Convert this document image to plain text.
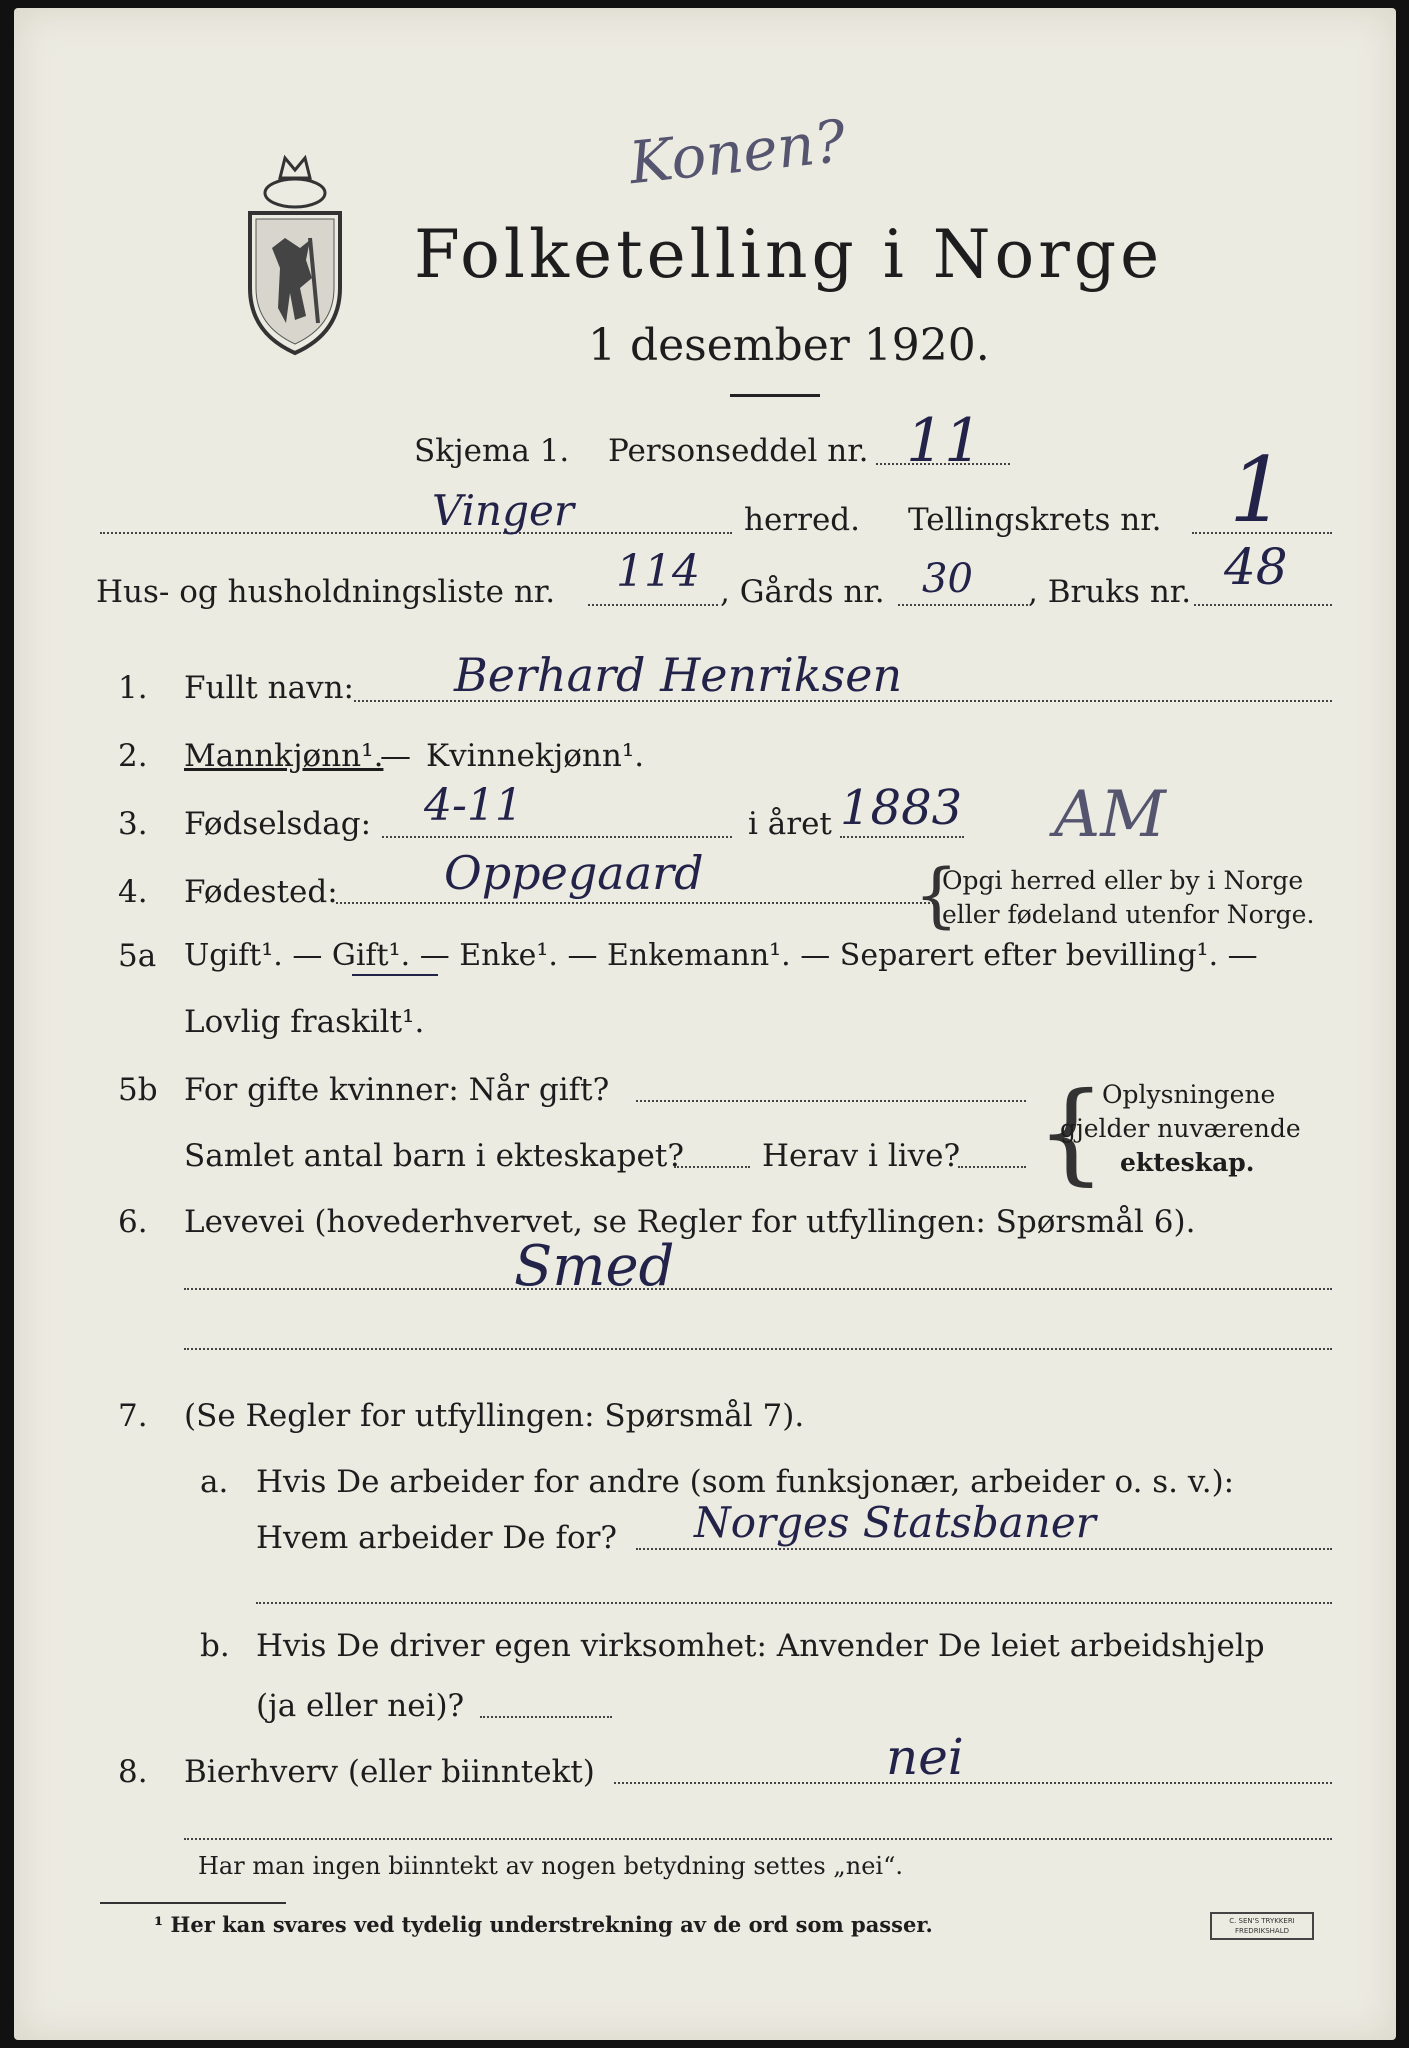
Folketelling i Norge
1 desember 1920.
Konen?
Skjema 1. Personseddel nr. 11
Vinger	herred. Tellingskrets nr. 1
Hus- og husholdningsliste nr. 114 , Gårds nr. 30 , Bruks nr. 48
1. Fullt navn: Berhard Henriksen
2. Mannkjønn¹.
— Kvinnekjønn¹.
3. Fødselsdag: 4-11	i året 1883 AM
4. Fødested: Oppegaard	{
Opgi herred eller by i Norge
eller fødeland utenfor Norge.
5a Ugift¹. — Gift¹. — Enke¹. — Enkemann¹. — Separert efter bevilling¹. —
Lovlig fraskilt¹.
5b For gifte kvinner: Når gift?
Samlet antal barn i ekteskapet?	Herav i live? {
Oplysningene
gjelder nuværende
ekteskap.
6. Levevei (hovederhvervet, se Regler for utfyllingen: Spørsmål 6).
Smed
7. (Se Regler for utfyllingen: Spørsmål 7).
a. Hvis De arbeider for andre (som funksjonær, arbeider o. s. v.):
Hvem arbeider De for? Norges Statsbaner
b. Hvis De driver egen virksomhet: Anvender De leiet arbeidshjelp
(ja eller nei)?
8. Bierhverv (eller biinntekt)	nei
Har man ingen biinntekt av nogen betydning settes „nei“.
¹ Her kan svares ved tydelig understrekning av de ord som passer.	C. SEN'S TRYKKERI FREDRIKSHALD
